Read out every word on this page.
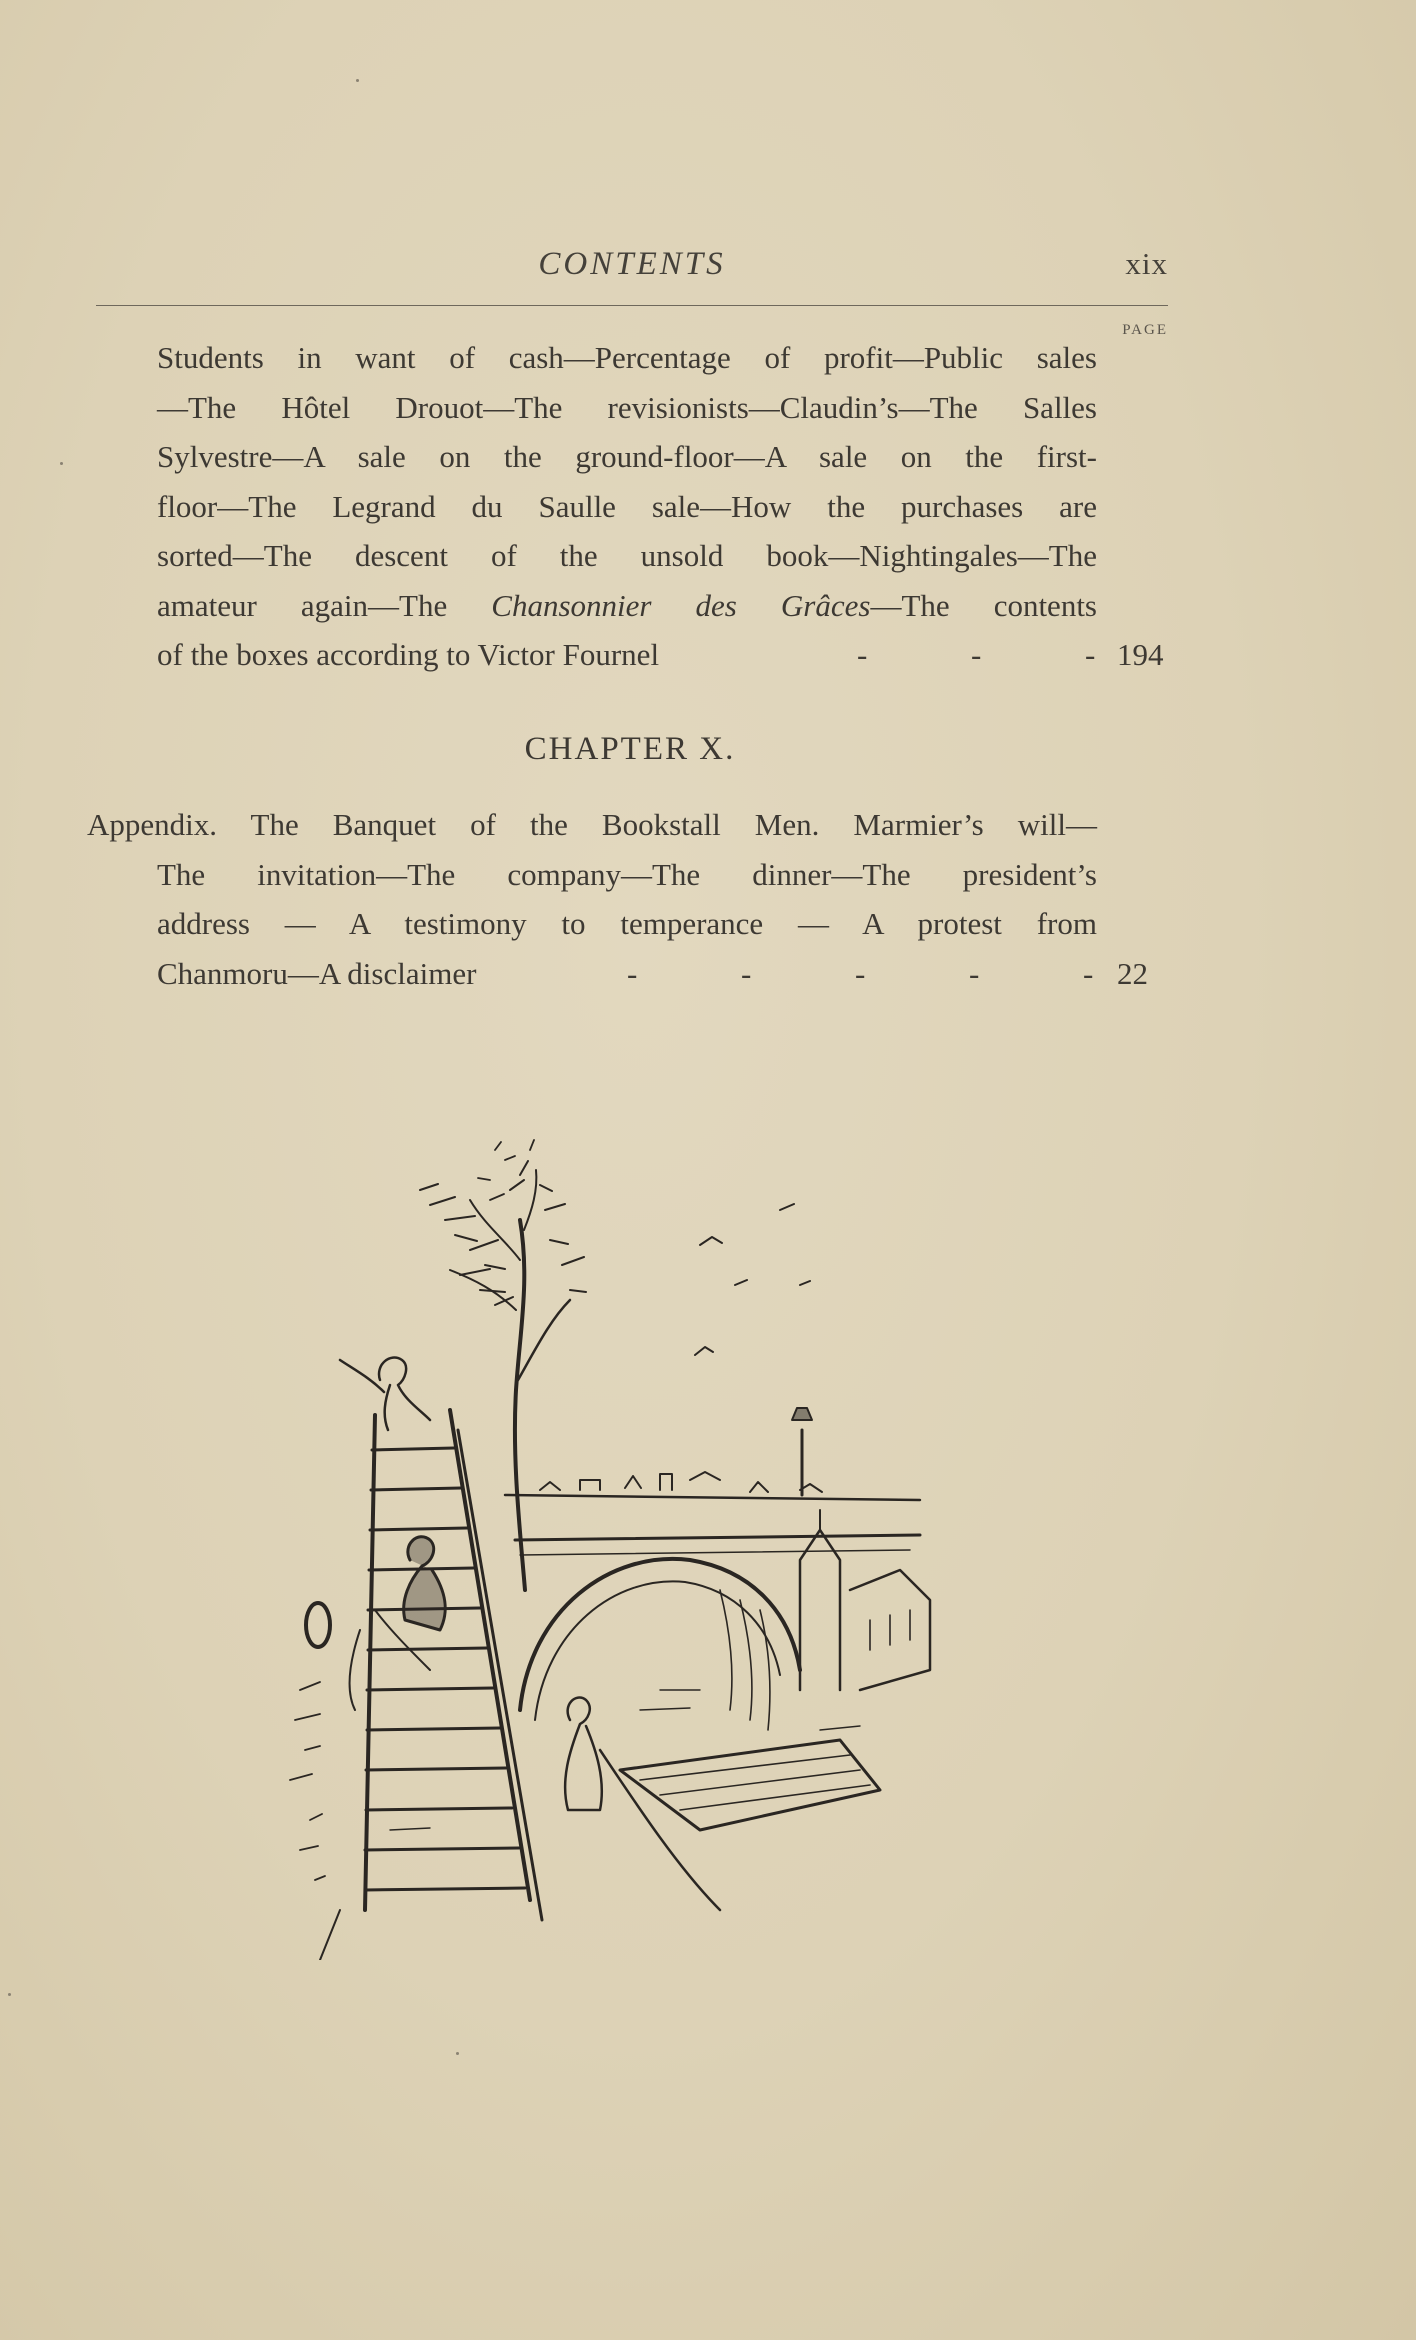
CONTENTS	xix
PAGE
Students in want of cash—Percentage of profit—Public sales
—The Hôtel Drouot—The revisionists—Claudin’s—The Salles
Sylvestre—A sale on the ground-floor—A sale on the first-
floor—The Legrand du Saulle sale—How the purchases are
sorted—The descent of the unsold book—Nightingales—The
amateur again—The Chansonnier des Grâces—The contents
of the boxes according to Victor Fournel	-	-	- 194
CHAPTER X.
Appendix. The Banquet of the Bookstall Men. Marmier’s will—
The invitation—The company—The dinner—The president’s
address — A testimony to temperance — A protest from
Chanmoru—A disclaimer	-	-	-	-	- 22
